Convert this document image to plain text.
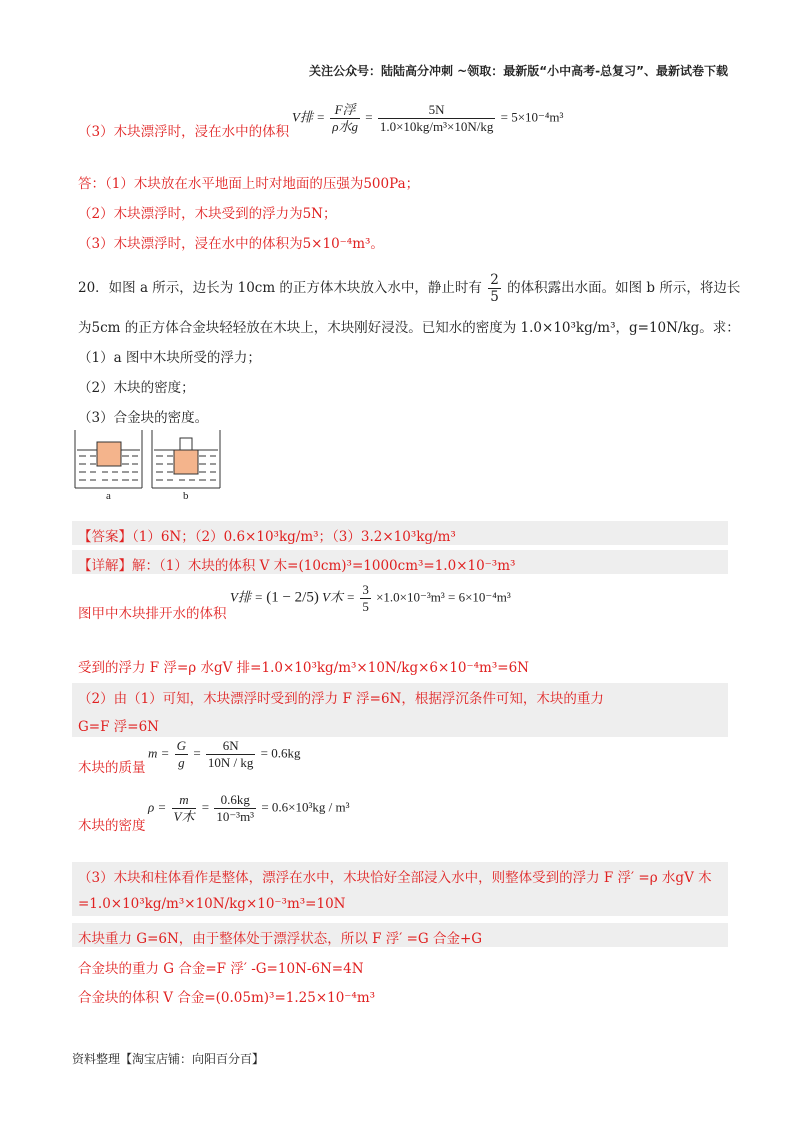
关注公众号：陆陆高分冲刺 ~领取：最新版“小中高考-总复习”、最新试卷下载
（3）木块漂浮时，浸在水中的体积
V排 = $\frac{\text{F浮}}{\text{ρ水g}} = \frac{5N}{\text{1.0×10kg/m³×10N/kg}} = 5\times 10^{-4}m^3$
答：（1）木块放在水平地面上时对地面的压强为500Pa；
（2）木块漂浮时，木块受到的浮力为5N；
（3）木块漂浮时，浸在水中的体积为5×10⁻⁴m³。
20．如图 a 所示，边长为 10cm 的正方体木块放入水中，静止时有 $\frac{2}{5}$ 的体积露出水面。如图 b 所示，将边长
为5cm 的正方体合金块轻轻放在木块上，木块刚好浸没。已知水的密度为 1.0×10³kg/m³，g=10N/kg。求：
（1）a 图中木块所受的浮力；
（2）木块的密度；
（3）合金块的密度。
a	b
【答案】（1）6N；（2）0.6×10³kg/m³；（3）3.2×10³kg/m³
【详解】解：（1）木块的体积 V 木=(10cm)³=1000cm³=1.0×10⁻³m³
图甲中木块排开水的体积
V排 = (1 − 2/5) V木 = $\frac{3}{5} \times 1.0\times 10^{-3}m^3 = 6\times 10^{-4}m^3$
受到的浮力 F 浮=ρ 水gV 排=1.0×10³kg/m³×10N/kg×6×10⁻⁴m³=6N
（2）由（1）可知，木块漂浮时受到的浮力 F 浮=6N，根据浮沉条件可知，木块的重力
G=F 浮=6N
木块的质量
$m = \frac{G}{g} = \frac{6N}{10N / kg} = 0.6kg$
木块的密度
$\rho = \frac{m}{\text{V木}} = \frac{0.6kg}{\text{10⁻³m³}} = 0.6\times 10^3kg / m^3$
（3）木块和柱体看作是整体，漂浮在水中，木块恰好全部浸入水中，则整体受到的浮力 F 浮′ =ρ 水gV 木
=1.0×10³kg/m³×10N/kg×10⁻³m³=10N
木块重力 G=6N，由于整体处于漂浮状态，所以 F 浮′ =G 合金+G
合金块的重力 G 合金=F 浮′ -G=10N-6N=4N
合金块的体积 V 合金=(0.05m)³=1.25×10⁻⁴m³
资料整理【淘宝店铺：向阳百分百】
